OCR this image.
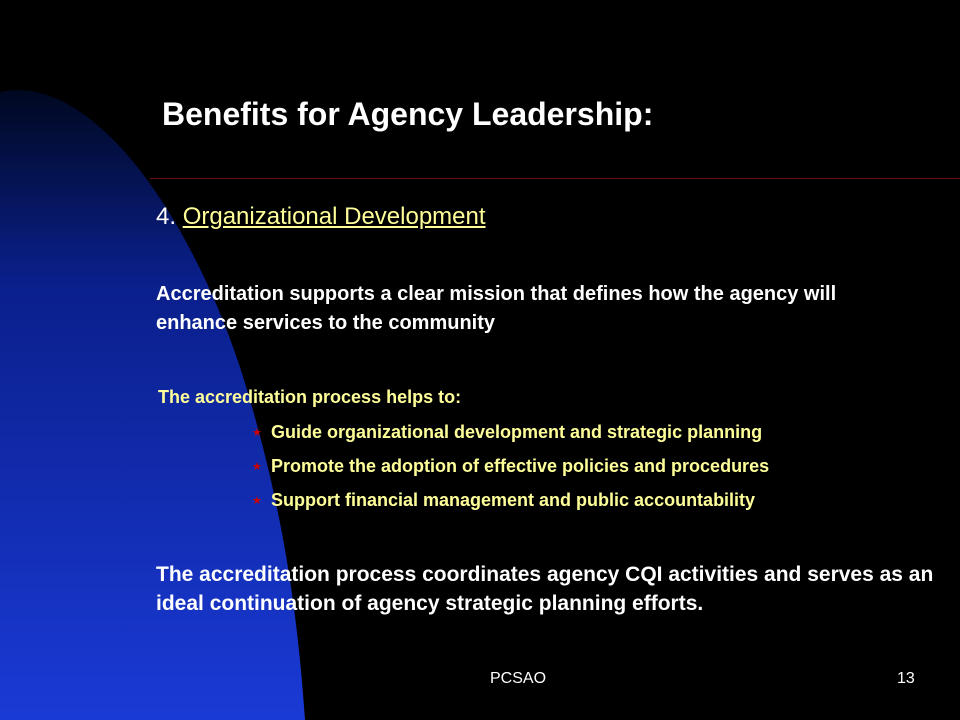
Benefits for Agency Leadership:
4. Organizational Development
Accreditation supports a clear mission that defines how the agency will enhance services to the community
The accreditation process helps to:
★ Guide organizational development and strategic planning
★ Promote the adoption of effective policies and procedures
★ Support financial management and public accountability
The accreditation process coordinates agency CQI activities and serves as an ideal continuation of agency strategic planning efforts.
PCSAO	13
